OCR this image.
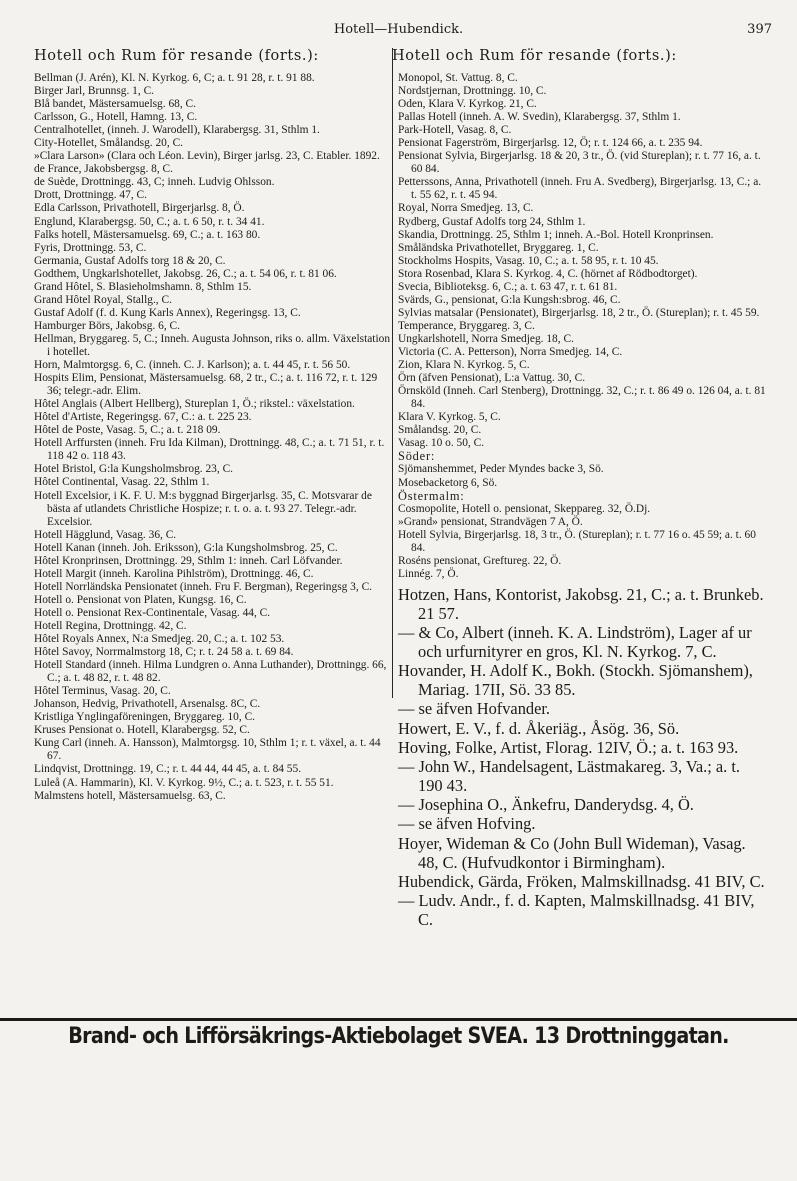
Hotell—Hubendick.	397
Hotell och Rum för resande (forts.):

Bellman (J. Arén), Kl. N. Kyrkog. 6, C; a. t. 91 28, r. t. 91 88.

Birger Jarl, Brunnsg. 1, C.

Blå bandet, Mästersamuelsg. 68, C.

Carlsson, G., Hotell, Hamng. 13, C.

Centralhotellet, (inneh. J. Warodell), Klarabergsg. 31, Sthlm 1.

City-Hotellet, Smålandsg. 20, C.

»Clara Larson» (Clara och Léon. Levin), Birger jarlsg. 23, C. Etabler. 1892.

de France, Jakobsbergsg. 8, C.

de Suède, Drottningg. 43, C; inneh. Ludvig Ohlsson.

Drott, Drottningg. 47, C.

Edla Carlsson, Privathotell, Birgerjarlsg. 8, Ö.

Englund, Klarabergsg. 50, C.; a. t. 6 50, r. t. 34 41.

Falks hotell, Mästersamuelsg. 69, C.; a. t. 163 80.

Fyris, Drottningg. 53, C.

Germania, Gustaf Adolfs torg 18 & 20, C.

Godthem, Ungkarlshotellet, Jakobsg. 26, C.; a. t. 54 06, r. t. 81 06.

Grand Hôtel, S. Blasieholmshamn. 8, Sthlm 15.

Grand Hôtel Royal, Stallg., C.

Gustaf Adolf (f. d. Kung Karls Annex), Regeringsg. 13, C.

Hamburger Börs, Jakobsg. 6, C.

Hellman, Bryggareg. 5, C.; Inneh. Augusta Johnson, riks o. allm. Växelstation i hotellet.

Horn, Malmtorgsg. 6, C. (inneh. C. J. Karlson); a. t. 44 45, r. t. 56 50.

Hospits Elim, Pensionat, Mästersamuelsg. 68, 2 tr., C.; a. t. 116 72, r. t. 129 36; telegr.-adr. Elim.

Hôtel Anglais (Albert Hellberg), Stureplan 1, Ö.; rikstel.: växelstation.

Hôtel d'Artiste, Regeringsg. 67, C.: a. t. 225 23.

Hôtel de Poste, Vasag. 5, C.; a. t. 218 09.

Hotell Arffursten (inneh. Fru Ida Kilman), Drottningg. 48, C.; a. t. 71 51, r. t. 118 42 o. 118 43.

Hotel Bristol, G:la Kungsholmsbrog. 23, C.

Hôtel Continental, Vasag. 22, Sthlm 1.

Hotell Excelsior, i K. F. U. M:s byggnad Birgerjarlsg. 35, C. Motsvarar de bästa af utlandets Christliche Hospize; r. t. o. a. t. 93 27. Telegr.-adr. Excelsior.

Hotell Hägglund, Vasag. 36, C.

Hotell Kanan (inneh. Joh. Eriksson), G:la Kungsholmsbrog. 25, C.

Hôtel Kronprinsen, Drottningg. 29, Sthlm 1: inneh. Carl Löfvander.

Hotell Margit (inneh. Karolina Pihlström), Drottningg. 46, C.

Hotell Norrländska Pensionatet (inneh. Fru F. Bergman), Regeringsg 3, C.

Hotell o. Pensionat von Platen, Kungsg. 16, C.

Hotell o. Pensionat Rex-Continentale, Vasag. 44, C.

Hotell Regina, Drottningg. 42, C.

Hôtel Royals Annex, N:a Smedjeg. 20, C.; a. t. 102 53.

Hôtel Savoy, Norrmalmstorg 18, C; r. t. 24 58 a. t. 69 84.

Hotell Standard (inneh. Hilma Lundgren o. Anna Luthander), Drottningg. 66, C.; a. t. 48 82, r. t. 48 82.

Hôtel Terminus, Vasag. 20, C.

Johanson, Hedvig, Privathotell, Arsenalsg. 8C, C.

Kristliga Ynglingaföreningen, Bryggareg. 10, C.

Kruses Pensionat o. Hotell, Klarabergsg. 52, C.

Kung Carl (inneh. A. Hansson), Malmtorgsg. 10, Sthlm 1; r. t. växel, a. t. 44 67.

Lindqvist, Drottningg. 19, C.; r. t. 44 44, 44 45, a. t. 84 55.

Luleå (A. Hammarin), Kl. V. Kyrkog. 9½, C.; a. t. 523, r. t. 55 51.

Malmstens hotell, Mästersamuelsg. 63, C.

Hotell och Rum för resande (forts.):

Monopol, St. Vattug. 8, C.

Nordstjernan, Drottningg. 10, C.

Oden, Klara V. Kyrkog. 21, C.

Pallas Hotell (inneh. A. W. Svedin), Klarabergsg. 37, Sthlm 1.

Park-Hotell, Vasag. 8, C.

Pensionat Fagerström, Birgerjarlsg. 12, Ö; r. t. 124 66, a. t. 235 94.

Pensionat Sylvia, Birgerjarlsg. 18 & 20, 3 tr., Ö. (vid Stureplan); r. t. 77 16, a. t. 60 84.

Petterssons, Anna, Privathotell (inneh. Fru A. Svedberg), Birgerjarlsg. 13, C.; a. t. 55 62, r. t. 45 94.

Royal, Norra Smedjeg. 13, C.

Rydberg, Gustaf Adolfs torg 24, Sthlm 1.

Skandia, Drottningg. 25, Sthlm 1; inneh. A.-Bol. Hotell Kronprinsen.

Småländska Privathotellet, Bryggareg. 1, C.

Stockholms Hospits, Vasag. 10, C.; a. t. 58 95, r. t. 10 45.

Stora Rosenbad, Klara S. Kyrkog. 4, C. (hörnet af Rödbodtorget).

Svecia, Biblioteksg. 6, C.; a. t. 63 47, r. t. 61 81.

Svärds, G., pensionat, G:la Kungsh:sbrog. 46, C.

Sylvias matsalar (Pensionatet), Birgerjarlsg. 18, 2 tr., Ö. (Stureplan); r. t. 45 59.

Temperance, Bryggareg. 3, C.

Ungkarlshotell, Norra Smedjeg. 18, C.

Victoria (C. A. Petterson), Norra Smedjeg. 14, C.

Zion, Klara N. Kyrkog. 5, C.

Örn (äfven Pensionat), L:a Vattug. 30, C.

Örnsköld (Inneh. Carl Stenberg), Drottningg. 32, C.; r. t. 86 49 o. 126 04, a. t. 81 84.

Klara V. Kyrkog. 5, C.

Smålandsg. 20, C.

Vasag. 10 o. 50, C.

Söder:

Sjömanshemmet, Peder Myndes backe 3, Sö.

Mosebacketorg 6, Sö.

Östermalm:

Cosmopolite, Hotell o. pensionat, Skeppareg. 32, Ö.Dj.

»Grand» pensionat, Strandvägen 7 A, Ö.

Hotell Sylvia, Birgerjarlsg. 18, 3 tr., Ö. (Stureplan); r. t. 77 16 o. 45 59; a. t. 60 84.

Roséns pensionat, Greftureg. 22, Ö.

Linnég. 7, Ö.

Hotzen, Hans, Kontorist, Jakobsg. 21, C.; a. t. Brunkeb. 21 57.

— & Co, Albert (inneh. K. A. Lindström), Lager af ur och urfurnityrer en gros, Kl. N. Kyrkog. 7, C.

Hovander, H. Adolf K., Bokh. (Stockh. Sjömanshem), Mariag. 17II, Sö. 33 85.

— se äfven Hofvander.

Howert, E. V., f. d. Åkeriäg., Åsög. 36, Sö.

Hoving, Folke, Artist, Florag. 12IV, Ö.; a. t. 163 93.

— John W., Handelsagent, Lästmakareg. 3, Va.; a. t. 190 43.

— Josephina O., Änkefru, Danderydsg. 4, Ö.

— se äfven Hofving.

Hoyer, Wideman & Co (John Bull Wideman), Vasag. 48, C. (Hufvudkontor i Birmingham).

Hubendick, Gärda, Fröken, Malmskillnadsg. 41 BIV, C.

— Ludv. Andr., f. d. Kapten, Malmskillnadsg. 41 BIV, C.

Brand- och Lifförsäkrings-Aktiebolaget SVEA. 13 Drottninggatan.
